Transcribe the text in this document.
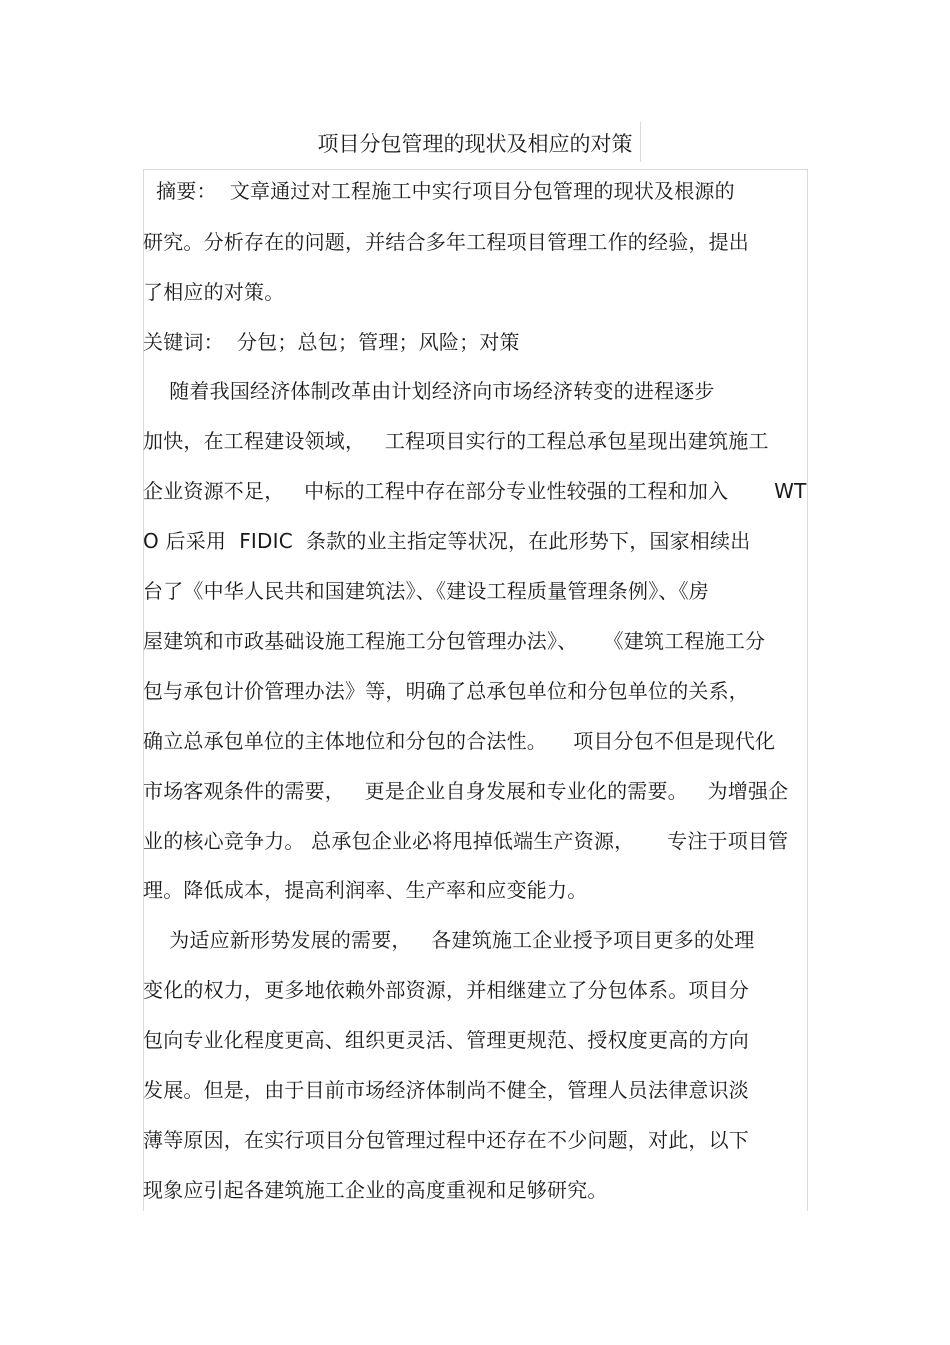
项目分包管理的现状及相应的对策
摘要：  文章通过对工程施工中实行项目分包管理的现状及根源的
研究。分析存在的问题，并结合多年工程项目管理工作的经验，提出
了相应的对策。
关键词：  分包；总包；管理；风险；对策
随着我国经济体制改革由计划经济向市场经济转变的进程逐步
加快，在工程建设领域，   工程项目实行的工程总承包星现出建筑施工
企业资源不足，   中标的工程中存在部分专业性较强的工程和加入       WT
O 后采用  FIDIC  条款的业主指定等状况，在此形势下，国家相续出
台了《中华人民共和国建筑法》、《建设工程质量管理条例》、《房
屋建筑和市政基础设施工程施工分包管理办法》、    《建筑工程施工分
包与承包计价管理办法》等，明确了总承包单位和分包单位的关系，
确立总承包单位的主体地位和分包的合法性。    项目分包不但是现代化
市场客观条件的需要，   更是企业自身发展和专业化的需要。   为增强企
业的核心竞争力。 总承包企业必将甩掉低端生产资源，     专注于项目管
理。降低成本，提高利润率、生产率和应变能力。
为适应新形势发展的需要，   各建筑施工企业授予项目更多的处理
变化的权力，更多地依赖外部资源，并相继建立了分包体系。项目分
包向专业化程度更高、组织更灵活、管理更规范、授权度更高的方向
发展。但是，由于目前市场经济体制尚不健全，管理人员法律意识淡
薄等原因，在实行项目分包管理过程中还存在不少问题，对此，以下
现象应引起各建筑施工企业的高度重视和足够研究。
